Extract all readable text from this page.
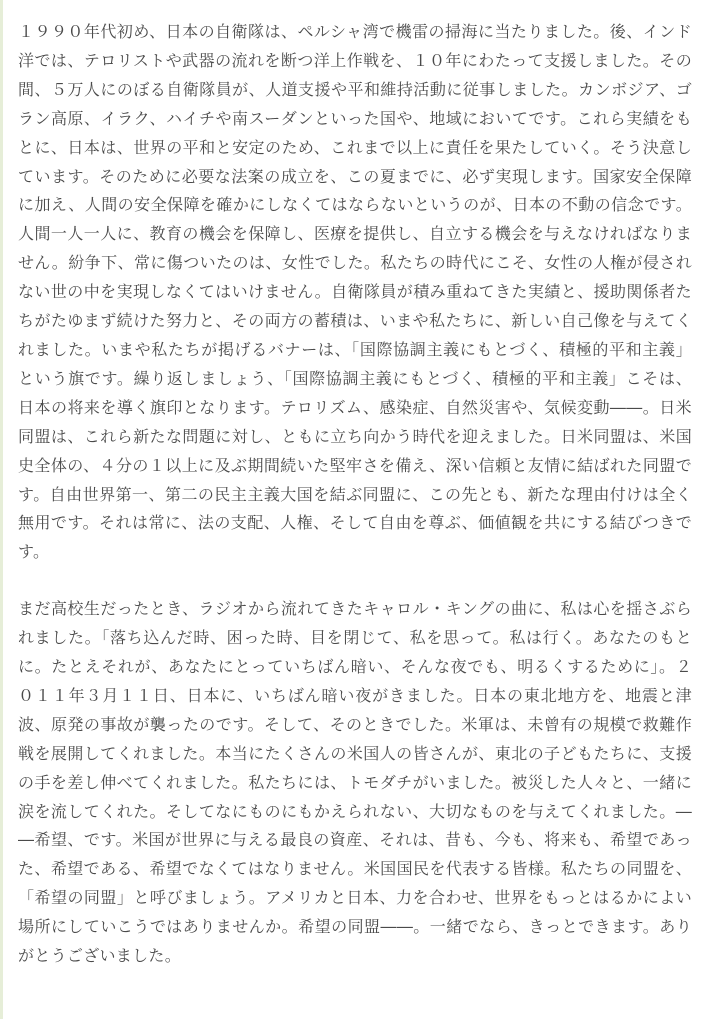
１９９０年代初め、日本の自衛隊は、ペルシャ湾で機雷の掃海に当たりました。後、インド洋では、テロリストや武器の流れを断つ洋上作戦を、１０年にわたって支援しました。その間、５万人にのぼる自衛隊員が、人道支援や平和維持活動に従事しました。カンボジア、ゴラン高原、イラク、ハイチや南スーダンといった国や、地域においてです。これら実績をもとに、日本は、世界の平和と安定のため、これまで以上に責任を果たしていく。そう決意しています。そのために必要な法案の成立を、この夏までに、必ず実現します。国家安全保障に加え、人間の安全保障を確かにしなくてはならないというのが、日本の不動の信念です。人間一人一人に、教育の機会を保障し、医療を提供し、自立する機会を与えなければなりません。紛争下、常に傷ついたのは、女性でした。私たちの時代にこそ、女性の人権が侵されない世の中を実現しなくてはいけません。自衛隊員が積み重ねてきた実績と、援助関係者たちがたゆまず続けた努力と、その両方の蓄積は、いまや私たちに、新しい自己像を与えてくれました。いまや私たちが掲げるバナーは、「国際協調主義にもとづく、積極的平和主義」という旗です。繰り返しましょう、「国際協調主義にもとづく、積極的平和主義」こそは、日本の将来を導く旗印となります。テロリズム、感染症、自然災害や、気候変動――。日米同盟は、これら新たな問題に対し、ともに立ち向かう時代を迎えました。日米同盟は、米国史全体の、４分の１以上に及ぶ期間続いた堅牢さを備え、深い信頼と友情に結ばれた同盟です。自由世界第一、第二の民主主義大国を結ぶ同盟に、この先とも、新たな理由付けは全く無用です。それは常に、法の支配、人権、そして自由を尊ぶ、価値観を共にする結びつきです。

まだ高校生だったとき、ラジオから流れてきたキャロル・キングの曲に、私は心を揺さぶられました。「落ち込んだ時、困った時、目を閉じて、私を思って。私は行く。あなたのもとに。たとえそれが、あなたにとっていちばん暗い、そんな夜でも、明るくするために」。２０１１年３月１１日、日本に、いちばん暗い夜がきました。日本の東北地方を、地震と津波、原発の事故が襲ったのです。そして、そのときでした。米軍は、未曾有の規模で救難作戦を展開してくれました。本当にたくさんの米国人の皆さんが、東北の子どもたちに、支援の手を差し伸べてくれました。私たちには、トモダチがいました。被災した人々と、一緒に涙を流してくれた。そしてなにものにもかえられない、大切なものを与えてくれました。――希望、です。米国が世界に与える最良の資産、それは、昔も、今も、将来も、希望であった、希望である、希望でなくてはなりません。米国国民を代表する皆様。私たちの同盟を、「希望の同盟」と呼びましょう。アメリカと日本、力を合わせ、世界をもっとはるかによい場所にしていこうではありませんか。希望の同盟――。一緒でなら、きっとできます。ありがとうございました。
